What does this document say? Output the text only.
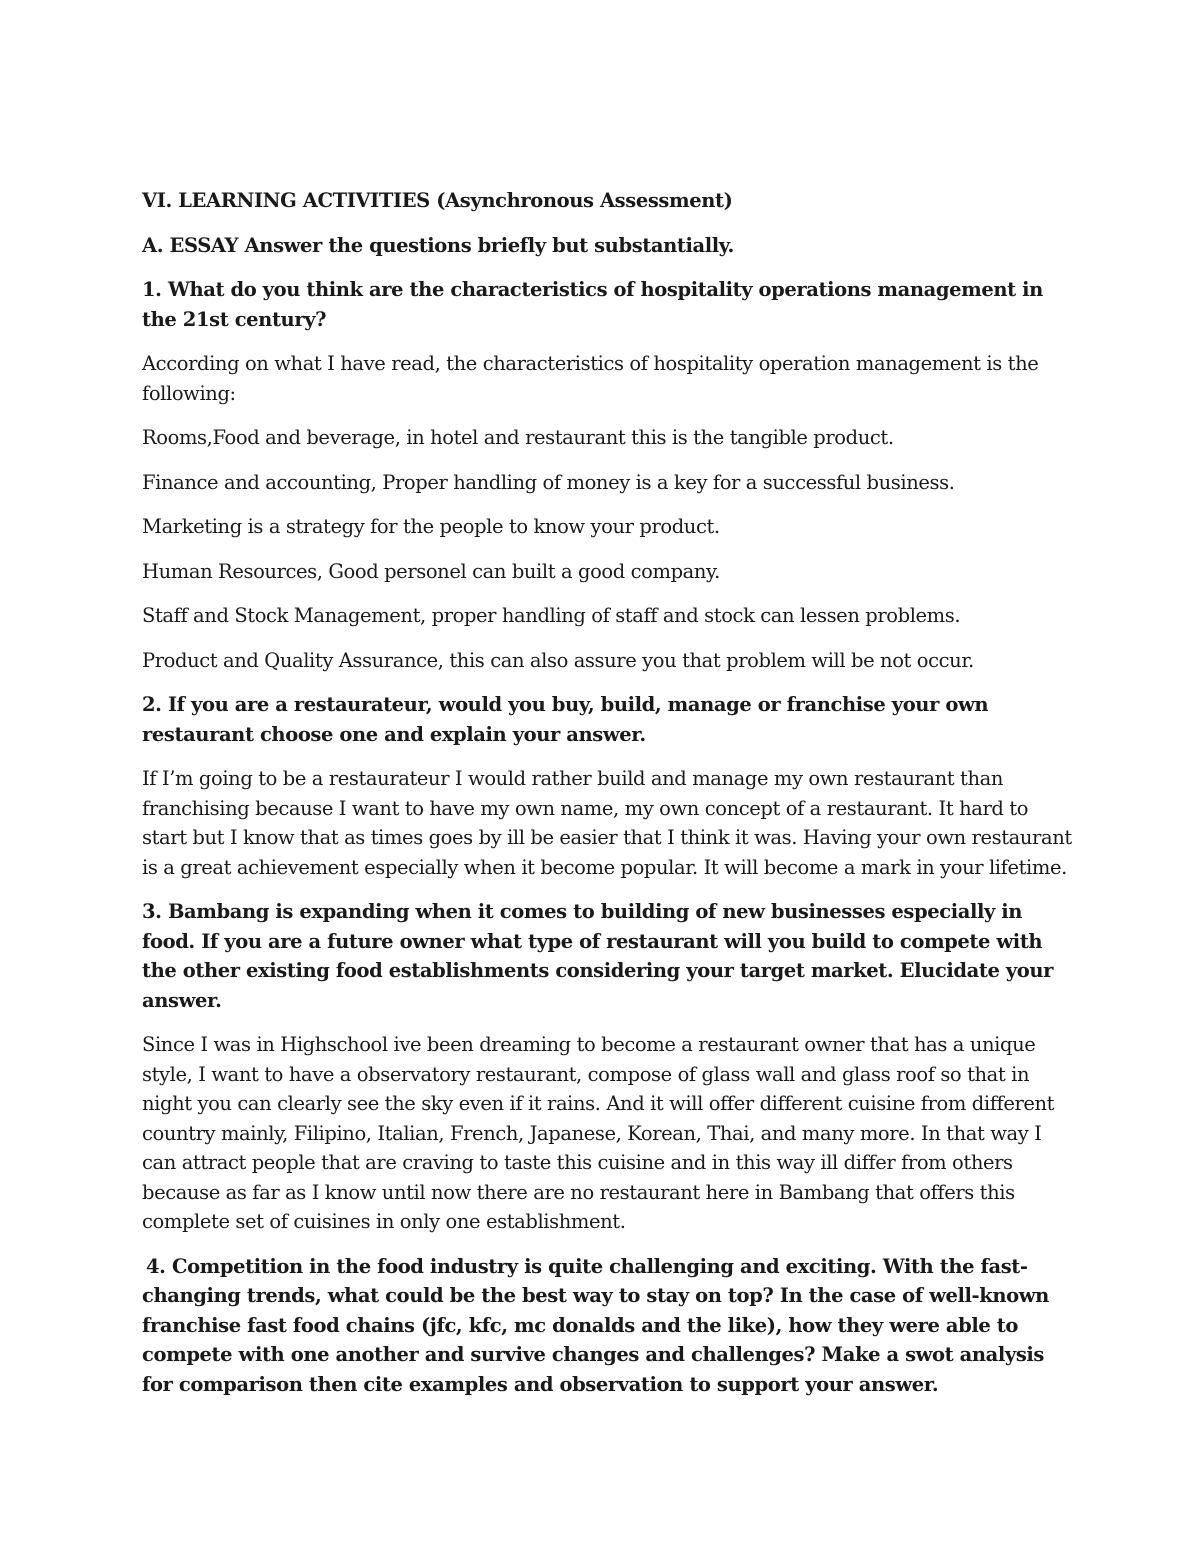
VI. LEARNING ACTIVITIES (Asynchronous Assessment)

A. ESSAY Answer the questions briefly but substantially.

1. What do you think are the characteristics of hospitality operations management in the 21st century?

According on what I have read, the characteristics of hospitality operation management is the following:

Rooms,Food and beverage, in hotel and restaurant this is the tangible product.

Finance and accounting, Proper handling of money is a key for a successful business.

Marketing is a strategy for the people to know your product.

Human Resources, Good personel can built a good company.

Staff and Stock Management, proper handling of staff and stock can lessen problems.

Product and Quality Assurance, this can also assure you that problem will be not occur.

2. If you are a restaurateur, would you buy, build, manage or franchise your own restaurant choose one and explain your answer.

If I’m going to be a restaurateur I would rather build and manage my own restaurant than franchising because I want to have my own name, my own concept of a restaurant. It hard to start but I know that as times goes by ill be easier that I think it was. Having your own restaurant is a great achievement especially when it become popular. It will become a mark in your lifetime.

3. Bambang is expanding when it comes to building of new businesses especially in food. If you are a future owner what type of restaurant will you build to compete with the other existing food establishments considering your target market. Elucidate your answer.

Since I was in Highschool ive been dreaming to become a restaurant owner that has a unique style, I want to have a observatory restaurant, compose of glass wall and glass roof so that in night you can clearly see the sky even if it rains. And it will offer different cuisine from different country mainly, Filipino, Italian, French, Japanese, Korean, Thai, and many more. In that way I can attract people that are craving to taste this cuisine and in this way ill differ from others because as far as I know until now there are no restaurant here in Bambang that offers this complete set of cuisines in only one establishment.

4. Competition in the food industry is quite challenging and exciting. With the fast-changing trends, what could be the best way to stay on top? In the case of well-known franchise fast food chains (jfc, kfc, mc donalds and the like), how they were able to compete with one another and survive changes and challenges? Make a swot analysis for comparison then cite examples and observation to support your answer.
